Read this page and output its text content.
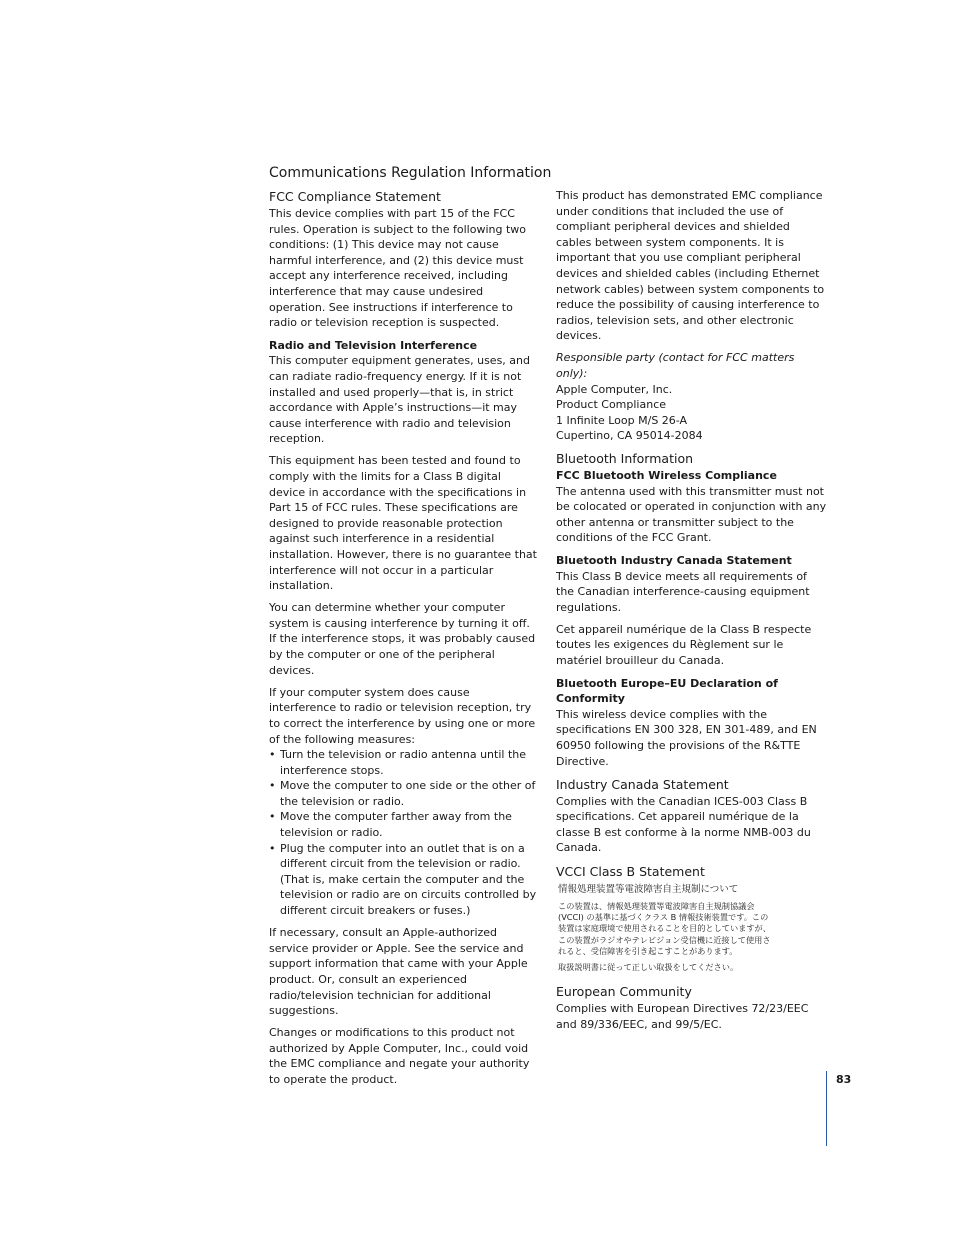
Communications Regulation Information
FCC Compliance Statement

This device complies with part 15 of the FCC rules. Operation is subject to the following two conditions: (1) This device may not cause harmful interference, and (2) this device must accept any interference received, including interference that may cause undesired operation. See instructions if interference to radio or television reception is suspected.

Radio and Television Interference

This computer equipment generates, uses, and can radiate radio-frequency energy. If it is not installed and used properly—that is, in strict accordance with Apple’s instructions—it may cause interference with radio and television reception.

This equipment has been tested and found to comply with the limits for a Class B digital device in accordance with the specifications in Part 15 of FCC rules. These specifications are designed to provide reasonable protection against such interference in a residential installation. However, there is no guarantee that interference will not occur in a particular installation.

You can determine whether your computer system is causing interference by turning it off. If the interference stops, it was probably caused by the computer or one of the peripheral devices.

If your computer system does cause interference to radio or television reception, try to correct the interference by using one or more of the following measures:

• Turn the television or radio antenna until the interference stops.
• Move the computer to one side or the other of the television or radio.
• Move the computer farther away from the television or radio.
• Plug the computer into an outlet that is on a different circuit from the television or radio. (That is, make certain the computer and the television or radio are on circuits controlled by different circuit breakers or fuses.)

If necessary, consult an Apple-authorized service provider or Apple. See the service and support information that came with your Apple product. Or, consult an experienced radio/television technician for additional suggestions.

Changes or modifications to this product not authorized by Apple Computer, Inc., could void the EMC compliance and negate your authority to operate the product.

This product has demonstrated EMC compliance under conditions that included the use of compliant peripheral devices and shielded cables between system components. It is important that you use compliant peripheral devices and shielded cables (including Ethernet network cables) between system components to reduce the possibility of causing interference to radios, television sets, and other electronic devices.

Responsible party (contact for FCC matters only):
Apple Computer, Inc.
Product Compliance
1 Infinite Loop M/S 26-A
Cupertino, CA 95014-2084
Bluetooth Information
FCC Bluetooth Wireless Compliance

The antenna used with this transmitter must not be colocated or operated in conjunction with any other antenna or transmitter subject to the conditions of the FCC Grant.

Bluetooth Industry Canada Statement

This Class B device meets all requirements of the Canadian interference-causing equipment regulations.

Cet appareil numérique de la Class B respecte toutes les exigences du Règlement sur le matériel brouilleur du Canada.

Bluetooth Europe–EU Declaration of Conformity

This wireless device complies with the specifications EN 300 328, EN 301-489, and EN 60950 following the provisions of the R&TTE Directive.

Industry Canada Statement

Complies with the Canadian ICES-003 Class B specifications. Cet appareil numérique de la classe B est conforme à la norme NMB-003 du Canada.

VCCI Class B Statement
情報処理装置等電波障害自主規制について
この装置は、情報処理装置等電波障害自主規制協議会 (VCCI) の基準に基づくクラス B 情報技術装置です。この装置は家庭環境で使用されることを目的としていますが、この装置がラジオやテレビジョン受信機に近接して使用されると、受信障害を引き起こすことがあります。
取扱説明書に従って正しい取扱をしてください。
European Community

Complies with European Directives 72/23/EEC and 89/336/EEC, and 99/5/EC.

83
